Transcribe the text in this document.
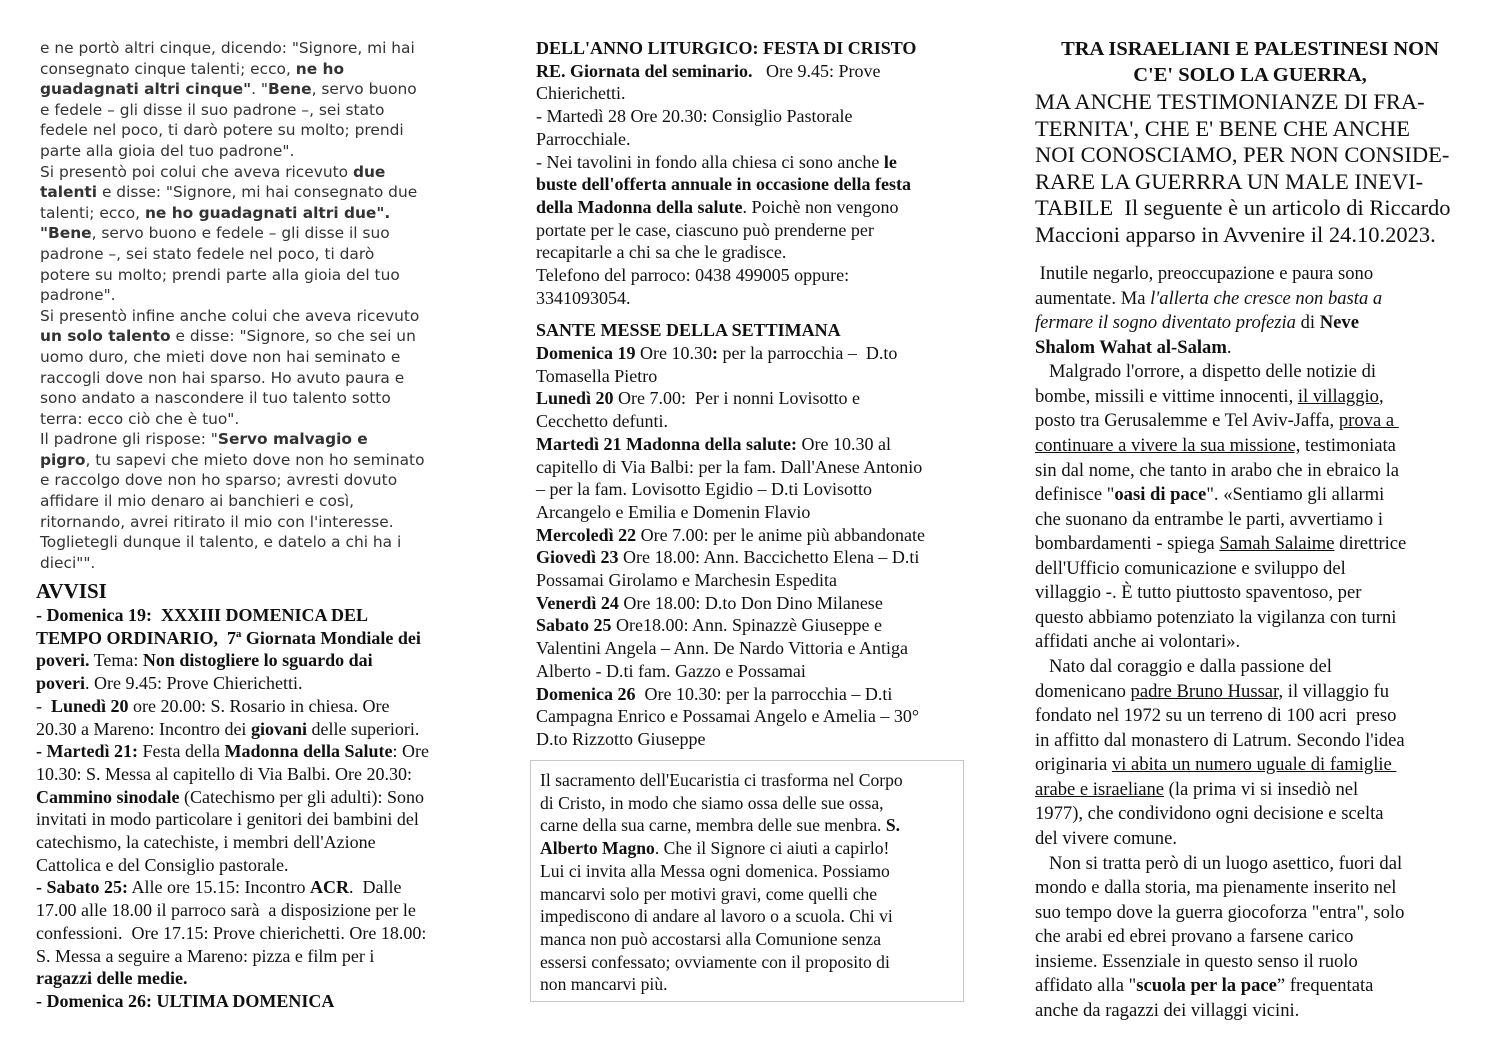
e ne portò altri cinque, dicendo: "Signore, mi hai
consegnato cinque talenti; ecco, ne ho
guadagnati altri cinque". "Bene, servo buono
e fedele – gli disse il suo padrone –, sei stato
fedele nel poco, ti darò potere su molto; prendi
parte alla gioia del tuo padrone".
Si presentò poi colui che aveva ricevuto due
talenti e disse: "Signore, mi hai consegnato due
talenti; ecco, ne ho guadagnati altri due".
"Bene, servo buono e fedele – gli disse il suo
padrone –, sei stato fedele nel poco, ti darò
potere su molto; prendi parte alla gioia del tuo
padrone".
Si presentò infine anche colui che aveva ricevuto
un solo talento e disse: "Signore, so che sei un
uomo duro, che mieti dove non hai seminato e
raccogli dove non hai sparso. Ho avuto paura e
sono andato a nascondere il tuo talento sotto
terra: ecco ciò che è tuo".
Il padrone gli rispose: "Servo malvagio e
pigro, tu sapevi che mieto dove non ho seminato
e raccolgo dove non ho sparso; avresti dovuto
affidare il mio denaro ai banchieri e così,
ritornando, avrei ritirato il mio con l'interesse.
Toglietegli dunque il talento, e datelo a chi ha i
dieci"".
AVVISI
- Domenica 19:  XXXIII DOMENICA DEL
TEMPO ORDINARIO,  7ª Giornata Mondiale dei
poveri. Tema: Non distogliere lo sguardo dai
poveri. Ore 9.45: Prove Chierichetti.
-  Lunedì 20 ore 20.00: S. Rosario in chiesa. Ore
20.30 a Mareno: Incontro dei giovani delle superiori.
- Martedì 21: Festa della Madonna della Salute: Ore
10.30: S. Messa al capitello di Via Balbi. Ore 20.30:
Cammino sinodale (Catechismo per gli adulti): Sono
invitati in modo particolare i genitori dei bambini del
catechismo, la catechiste, i membri dell'Azione
Cattolica e del Consiglio pastorale.
- Sabato 25: Alle ore 15.15: Incontro ACR.  Dalle
17.00 alle 18.00 il parroco sarà  a disposizione per le
confessioni.  Ore 17.15: Prove chierichetti. Ore 18.00:
S. Messa a seguire a Mareno: pizza e film per i
ragazzi delle medie.
- Domenica 26: ULTIMA DOMENICA
DELL'ANNO LITURGICO: FESTA DI CRISTO
RE. Giornata del seminario.   Ore 9.45: Prove
Chierichetti.
- Martedì 28 Ore 20.30: Consiglio Pastorale
Parrocchiale.
- Nei tavolini in fondo alla chiesa ci sono anche le
buste dell'offerta annuale in occasione della festa
della Madonna della salute. Poichè non vengono
portate per le case, ciascuno può prenderne per
recapitarle a chi sa che le gradisce.
Telefono del parroco: 0438 499005 oppure:
3341093054.
SANTE MESSE DELLA SETTIMANA
Domenica 19 Ore 10.30: per la parrocchia –  D.to
Tomasella Pietro
Lunedì 20 Ore 7.00:  Per i nonni Lovisotto e
Cecchetto defunti.
Martedì 21 Madonna della salute: Ore 10.30 al
capitello di Via Balbi: per la fam. Dall'Anese Antonio
– per la fam. Lovisotto Egidio – D.ti Lovisotto
Arcangelo e Emilia e Domenin Flavio
Mercoledì 22 Ore 7.00: per le anime più abbandonate
Giovedì 23 Ore 18.00: Ann. Baccichetto Elena – D.ti
Possamai Girolamo e Marchesin Espedita
Venerdì 24 Ore 18.00: D.to Don Dino Milanese
Sabato 25 Ore18.00: Ann. Spinazzè Giuseppe e
Valentini Angela – Ann. De Nardo Vittoria e Antiga
Alberto - D.ti fam. Gazzo e Possamai
Domenica 26  Ore 10.30: per la parrocchia – D.ti
Campagna Enrico e Possamai Angelo e Amelia – 30°
D.to Rizzotto Giuseppe
Il sacramento dell'Eucaristia ci trasforma nel Corpo
di Cristo, in modo che siamo ossa delle sue ossa,
carne della sua carne, membra delle sue menbra. S.
Alberto Magno. Che il Signore ci aiuti a capirlo!
Lui ci invita alla Messa ogni domenica. Possiamo
mancarvi solo per motivi gravi, come quelli che
impediscono di andare al lavoro o a scuola. Chi vi
manca non può accostarsi alla Comunione senza
essersi confessato; ovviamente con il proposito di
non mancarvi più.
TRA ISRAELIANI E PALESTINESI NON
C'E' SOLO LA GUERRA,
MA ANCHE TESTIMONIANZE DI FRA-
TERNITA', CHE E' BENE CHE ANCHE
NOI CONOSCIAMO, PER NON CONSIDE-
RARE LA GUERRRA UN MALE INEVI-
TABILE  Il seguente è un articolo di Riccardo
Maccioni apparso in Avvenire il 24.10.2023.
Inutile negarlo, preoccupazione e paura sono
aumentate. Ma l'allerta che cresce non basta a
fermare il sogno diventato profezia di Neve
Shalom Wahat al-Salam.
Malgrado l'orrore, a dispetto delle notizie di
bombe, missili e vittime innocenti, il villaggio,
posto tra Gerusalemme e Tel Aviv-Jaffa, prova a
continuare a vivere la sua missione, testimoniata
sin dal nome, che tanto in arabo che in ebraico la
definisce "oasi di pace". «Sentiamo gli allarmi
che suonano da entrambe le parti, avvertiamo i
bombardamenti - spiega Samah Salaime direttrice
dell'Ufficio comunicazione e sviluppo del
villaggio -. È tutto piuttosto spaventoso, per
questo abbiamo potenziato la vigilanza con turni
affidati anche ai volontari».
Nato dal coraggio e dalla passione del
domenicano padre Bruno Hussar, il villaggio fu
fondato nel 1972 su un terreno di 100 acri  preso
in affitto dal monastero di Latrum. Secondo l'idea
originaria vi abita un numero uguale di famiglie
arabe e israeliane (la prima vi si insediò nel
1977), che condividono ogni decisione e scelta
del vivere comune.
Non si tratta però di un luogo asettico, fuori dal
mondo e dalla storia, ma pienamente inserito nel
suo tempo dove la guerra giocoforza "entra", solo
che arabi ed ebrei provano a farsene carico
insieme. Essenziale in questo senso il ruolo
affidato alla "scuola per la pace” frequentata
anche da ragazzi dei villaggi vicini.
